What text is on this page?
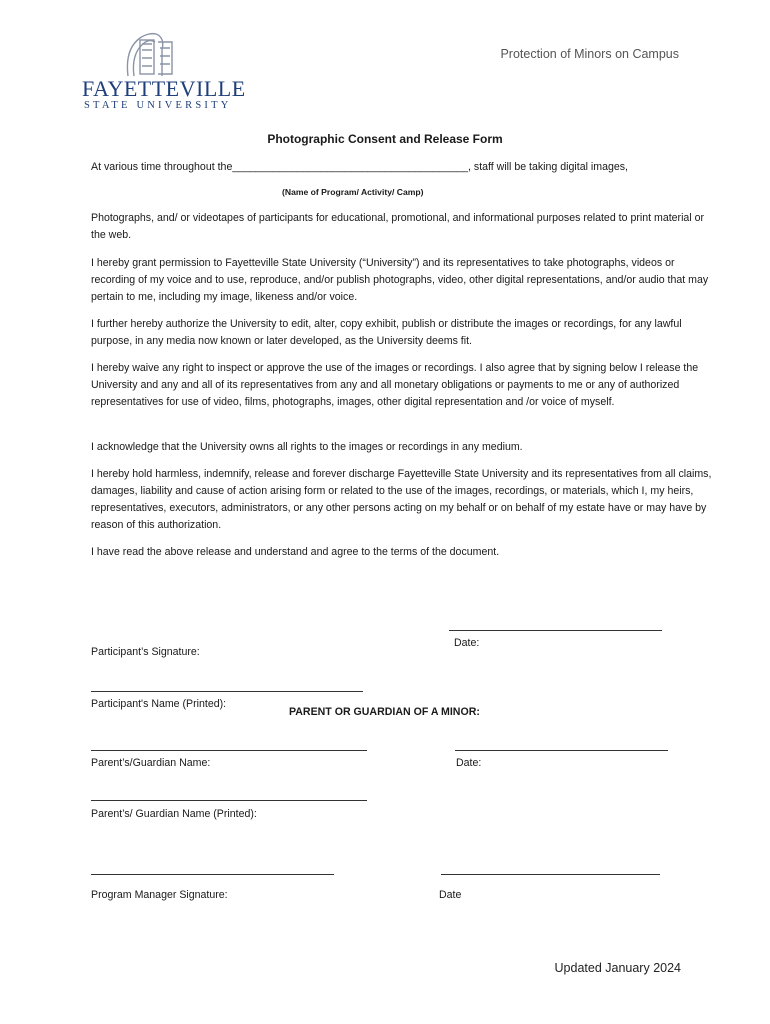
FAYETTEVILLE
STATE UNIVERSITY
Protection of Minors on Campus
Photographic Consent and Release Form
At various time throughout the________________________________________, staff will be taking digital images,
(Name of Program/ Activity/ Camp)
Photographs, and/ or videotapes of participants for educational, promotional, and informational purposes related to print material or the web.
I hereby grant permission to Fayetteville State University (“University”) and its representatives to take photographs, videos or recording of my voice and to use, reproduce, and/or publish photographs, video, other digital representations, and/or audio that may pertain to me, including my image, likeness and/or voice.
I further hereby authorize the University to edit, alter, copy exhibit, publish or distribute the images or recordings, for any lawful purpose, in any media now known or later developed, as the University deems fit.
I hereby waive any right to inspect or approve the use of the images or recordings. I also agree that by signing below I release the University and any and all of its representatives from any and all monetary obligations or payments to me or any of authorized representatives for use of video, films, photographs, images, other digital representation and /or voice of myself.
I acknowledge that the University owns all rights to the images or recordings in any medium.
I hereby hold harmless, indemnify, release and forever discharge Fayetteville State University and its representatives from all claims, damages, liability and cause of action arising form or related to the use of the images, recordings, or materials, which I, my heirs, representatives, executors, administrators, or any other persons acting on my behalf or on behalf of my estate have or may have by reason of this authorization.
I have read the above release and understand and agree to the terms of the document.
Date:
Participant’s Signature:
Participant's Name (Printed):
PARENT OR GUARDIAN OF A MINOR:
Parent’s/Guardian Name:	Date:
Parent’s/ Guardian Name (Printed):
Program Manager Signature:	Date
Updated January 2024
